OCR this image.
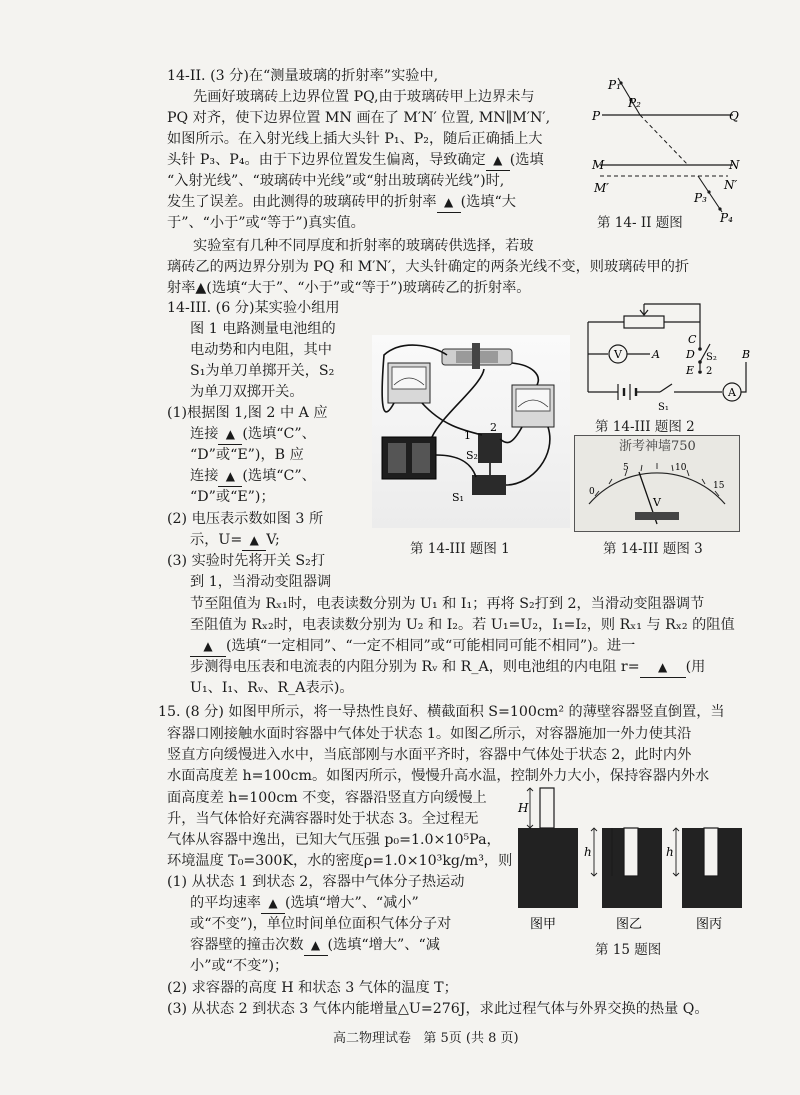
14-II. (3 分)在“测量玻璃的折射率”实验中,
先画好玻璃砖上边界位置 PQ,由于玻璃砖甲上边界未与
PQ 对齐，使下边界位置 MN 画在了 M′N′ 位置, MN∥M′N′,
如图所示。在入射光线上插大头针 P₁、P₂，随后正确插上大
头针 P₃、P₄。由于下边界位置发生偏离，导致确定 ▲ (选填
“入射光线”、“玻璃砖中光线”或“射出玻璃砖光线”)时,
发生了误差。由此测得的玻璃砖甲的折射率 ▲ (选填“大
于”、“小于”或“等于”)真实值。
实验室有几种不同厚度和折射率的玻璃砖供选择，若玻
璃砖乙的两边界分别为 PQ 和 M′N′，大头针确定的两条光线不变，则玻璃砖甲的折
射率▲(选填“大于”、“小于”或“等于”)玻璃砖乙的折射率。
P₁
P₂
P	Q
M	N
M′	N′
P₃
P₄
第 14- II 题图
14-III. (6 分)某实验小组用
图 1 电路测量电池组的
电动势和内电阻，其中
S₁为单刀单掷开关，S₂
为单刀双掷开关。
(1)根据图 1,图 2 中 A 应
连接 ▲ (选填“C”、
“D”或“E”)，B 应
连接 ▲ (选填“C”、
“D”或“E”)；
(2) 电压表示数如图 3 所
示，U= ▲ V;
(3) 实验时先将开关 S₂打
到 1，当滑动变阻器调
节至阻值为 Rₓ₁时，电表读数分别为 U₁ 和 I₁；再将 S₂打到 2，当滑动变阻器调节
至阻值为 Rₓ₂时，电表读数分别为 U₂ 和 I₂。若 U₁=U₂，I₁=I₂，则 Rₓ₁ 与 Rₓ₂ 的阻值
▲ (选填“一定相同”、“一定不相同”或“可能相同可能不相同”)。进一
步测得电压表和电流表的内阻分别为 Rᵥ 和 R_A，则电池组的内电阻 r= ▲ (用
U₁、I₁、Rᵥ、R_A表示)。
1
2
S₂
S₁
第 14-III 题图 1
V
A
A	B
C
D
E
S₂
2
S₁
第 14-III 题图 2
浙考神墙750
V
0
5	10
15
第 14-III 题图 3
15. (8 分) 如图甲所示，将一导热性良好、横截面积 S=100cm² 的薄壁容器竖直倒置，当
容器口刚接触水面时容器中气体处于状态 1。如图乙所示，对容器施加一外力使其沿
竖直方向缓慢进入水中，当底部刚与水面平齐时，容器中气体处于状态 2，此时内外
水面高度差 h=100cm。如图丙所示，慢慢升高水温，控制外力大小，保持容器内外水
面高度差 h=100cm 不变，容器沿竖直方向缓慢上
升，当气体恰好充满容器时处于状态 3。全过程无
气体从容器中逸出，已知大气压强 p₀=1.0×10⁵Pa，
环境温度 T₀=300K，水的密度ρ=1.0×10³kg/m³，则
(1) 从状态 1 到状态 2，容器中气体分子热运动
的平均速率 ▲ (选填“增大”、“减小”
或“不变”)，单位时间单位面积气体分子对
容器壁的撞击次数 ▲ (选填“增大”、“减
小”或“不变”)；
(2) 求容器的高度 H 和状态 3 气体的温度 T；
(3) 从状态 2 到状态 3 气体内能增量△U=276J，求此过程气体与外界交换的热量 Q。
H
h	h
图甲	图乙	图丙
第 15 题图
高二物理试卷   第 5页 (共 8 页)
